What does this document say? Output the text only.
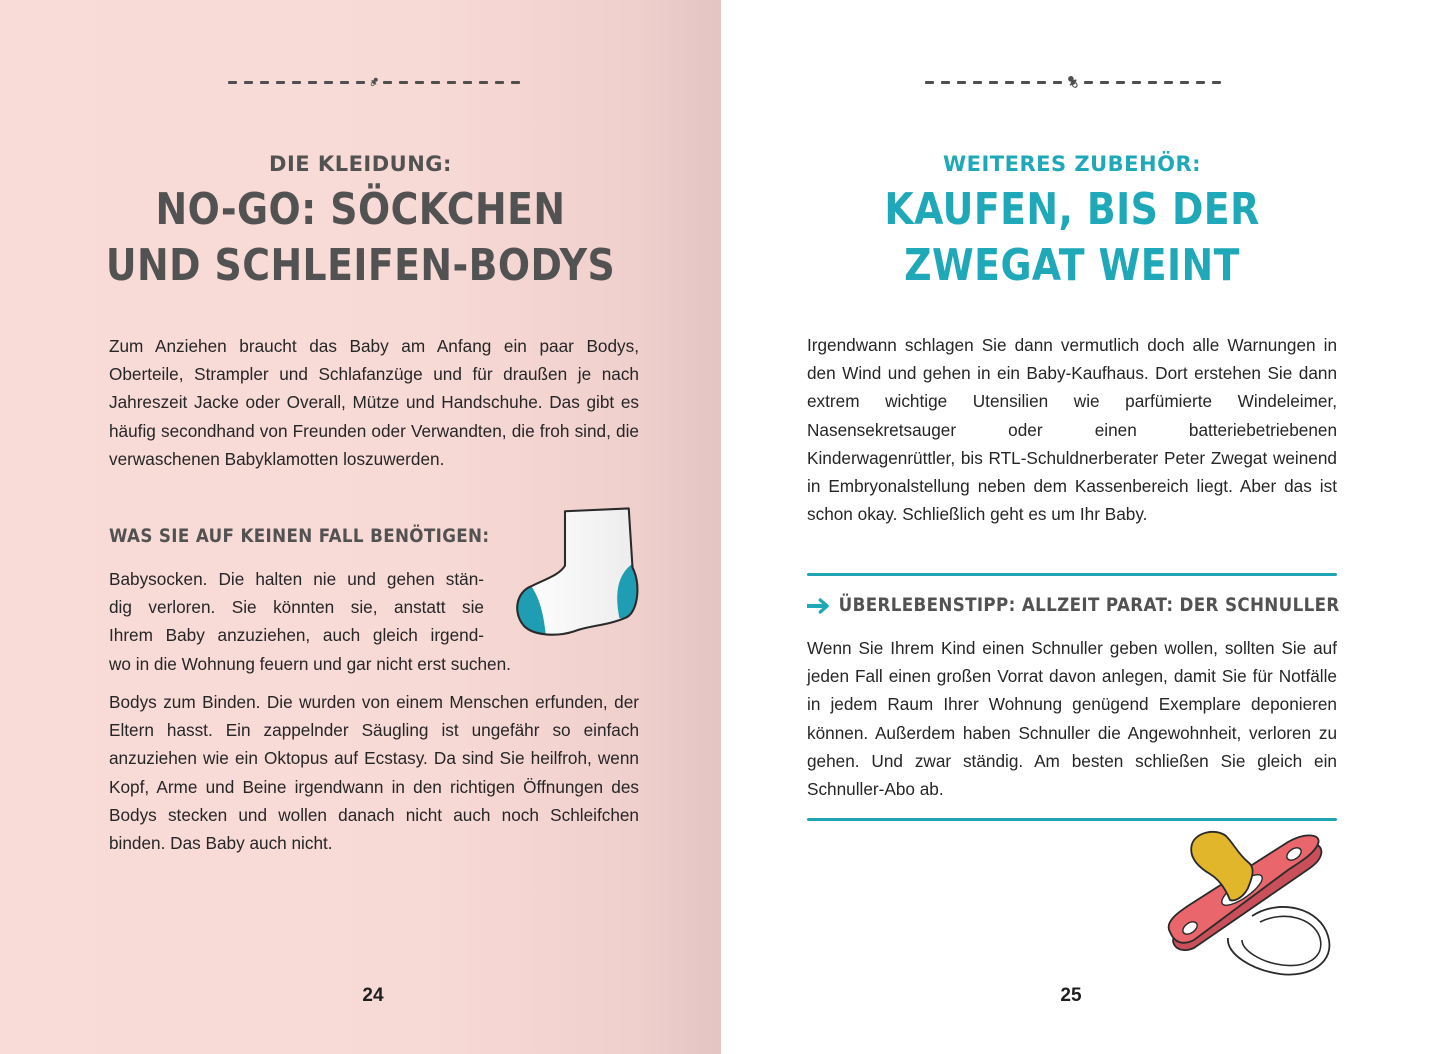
DIE KLEIDUNG:
NO-GO: SÖCKCHEN
UND SCHLEIFEN-BODYS

Zum Anziehen braucht das Baby am Anfang ein paar Bodys, Oberteile, Strampler und Schlafanzüge und für draußen je nach Jahreszeit Jacke oder Overall, Mütze und Handschuhe. Das gibt es häufig secondhand von Freunden oder Verwandten, die froh sind, die verwaschenen Babyklamotten loszuwerden.

WAS SIE AUF KEINEN FALL BENÖTIGEN:
Babysocken. Die halten nie und gehen stän-
dig verloren. Sie könnten sie, anstatt sie
Ihrem Baby anzuziehen, auch gleich irgend-
wo in die Wohnung feuern und gar nicht erst suchen.

Bodys zum Binden. Die wurden von einem Menschen erfunden, der Eltern hasst. Ein zappelnder Säugling ist ungefähr so einfach anzuziehen wie ein Oktopus auf Ecstasy. Da sind Sie heilfroh, wenn Kopf, Arme und Beine irgendwann in den richtigen Öffnungen des Bodys stecken und wollen danach nicht auch noch Schleifchen binden. Das Baby auch nicht.

24
WEITERES ZUBEHÖR:
KAUFEN, BIS DER
ZWEGAT WEINT

Irgendwann schlagen Sie dann vermutlich doch alle Warnungen in den Wind und gehen in ein Baby-Kaufhaus. Dort erstehen Sie dann extrem wichtige Utensilien wie parfümierte Windeleimer, Nasensekretsauger oder einen batteriebetriebenen Kinderwagenrüttler, bis RTL-Schuldnerberater Peter Zwegat weinend in Embryonalstellung neben dem Kassenbereich liegt. Aber das ist schon okay. Schließlich geht es um Ihr Baby.

ÜBERLEBENSTIPP: ALLZEIT PARAT: DER SCHNULLER

Wenn Sie Ihrem Kind einen Schnuller geben wollen, sollten Sie auf jeden Fall einen großen Vorrat davon anlegen, damit Sie für Notfälle in jedem Raum Ihrer Wohnung genügend Exemplare deponieren können. Außerdem haben Schnuller die Angewohnheit, verloren zu gehen. Und zwar ständig. Am besten schließen Sie gleich ein Schnuller-Abo ab.

25
